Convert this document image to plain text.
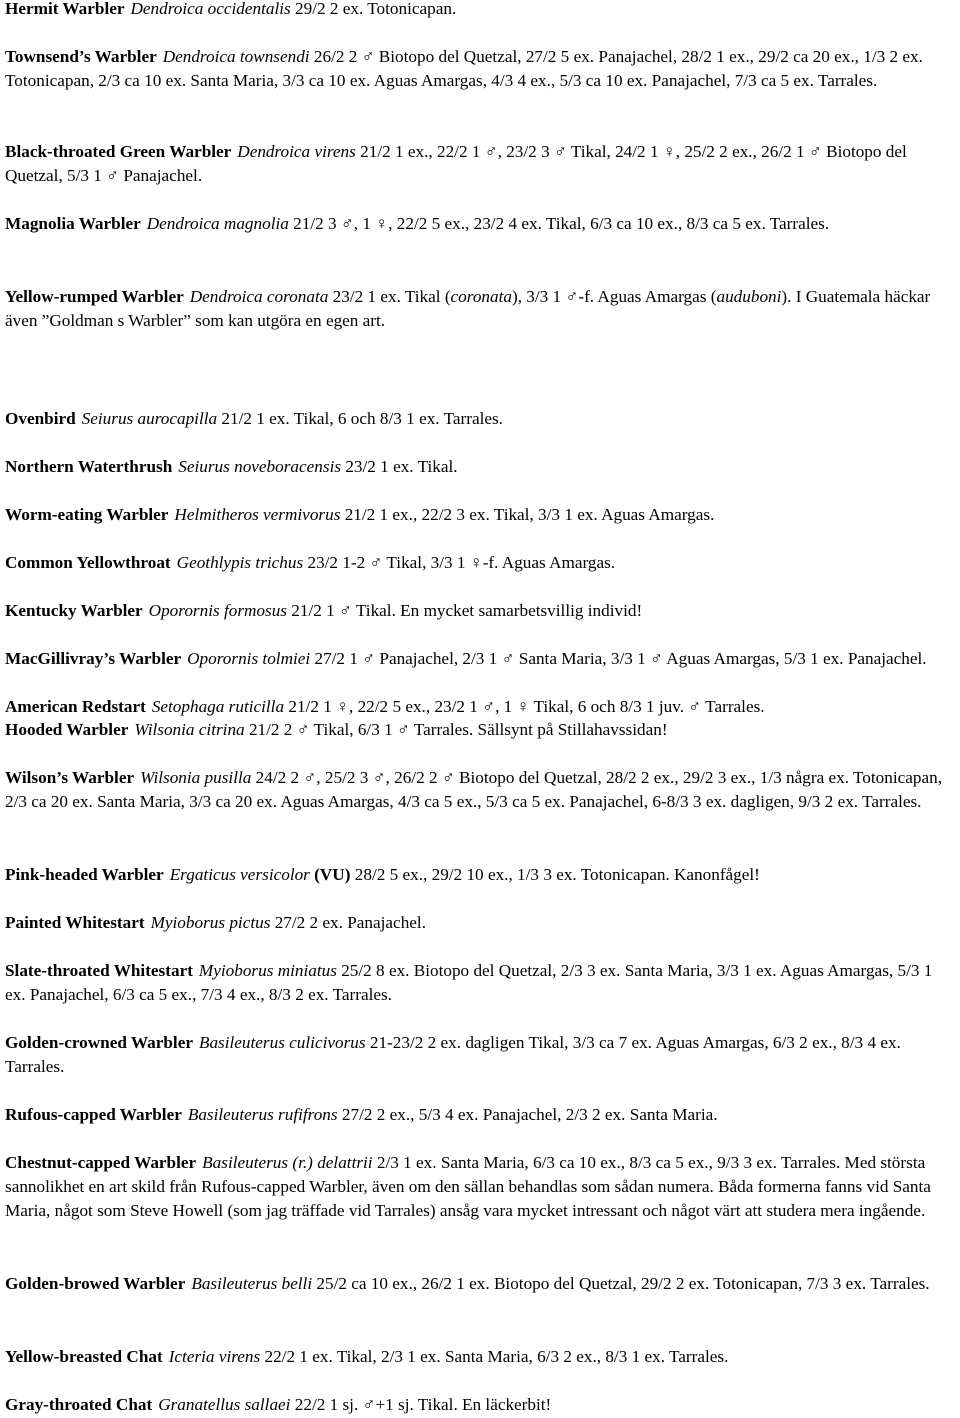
Hermit Warbler Dendroica occidentalis 29/2 2 ex. Totonicapan.

Townsend’s Warbler Dendroica townsendi 26/2 2 ♂ Biotopo del Quetzal, 27/2 5 ex. Panajachel, 28/2 1 ex., 29/2 ca 20 ex., 1/3 2 ex. Totonicapan, 2/3 ca 10 ex. Santa Maria, 3/3 ca 10 ex. Aguas Amargas, 4/3 4 ex., 5/3 ca 10 ex. Panajachel, 7/3 ca 5 ex. Tarrales.

Black-throated Green Warbler Dendroica virens 21/2 1 ex., 22/2 1 ♂, 23/2 3 ♂ Tikal, 24/2 1 ♀, 25/2 2 ex., 26/2 1 ♂ Biotopo del Quetzal, 5/3 1 ♂ Panajachel.

Magnolia Warbler Dendroica magnolia 21/2 3 ♂, 1 ♀, 22/2 5 ex., 23/2 4 ex. Tikal, 6/3 ca 10 ex., 8/3 ca 5 ex. Tarrales.

Yellow-rumped Warbler Dendroica coronata 23/2 1 ex. Tikal (coronata), 3/3 1 ♂-f. Aguas Amargas (auduboni). I Guatemala häckar även ”Goldman s Warbler” som kan utgöra en egen art.

American Redstart Setophaga ruticilla 21/2 1 ♀, 22/2 5 ex., 23/2 1 ♂, 1 ♀ Tikal, 6 och 8/3 1 juv. ♂ Tarrales.

Ovenbird Seiurus aurocapilla 21/2 1 ex. Tikal, 6 och 8/3 1 ex. Tarrales.

Northern Waterthrush Seiurus noveboracensis 23/2 1 ex. Tikal.

Worm-eating Warbler Helmitheros vermivorus 21/2 1 ex., 22/2 3 ex. Tikal, 3/3 1 ex. Aguas Amargas.

Common Yellowthroat Geothlypis trichus 23/2 1-2 ♂ Tikal, 3/3 1 ♀-f. Aguas Amargas.

Kentucky Warbler Oporornis formosus 21/2 1 ♂ Tikal. En mycket samarbetsvillig individ!

MacGillivray’s Warbler Oporornis tolmiei 27/2 1 ♂ Panajachel, 2/3 1 ♂ Santa Maria, 3/3 1 ♂ Aguas Amargas, 5/3 1 ex. Panajachel.

Hooded Warbler Wilsonia citrina 21/2 2 ♂ Tikal, 6/3 1 ♂ Tarrales. Sällsynt på Stillahavssidan!

Wilson’s Warbler Wilsonia pusilla 24/2 2 ♂, 25/2 3 ♂, 26/2 2 ♂ Biotopo del Quetzal, 28/2 2 ex., 29/2 3 ex., 1/3 några ex. Totonicapan, 2/3 ca 20 ex. Santa Maria, 3/3 ca 20 ex. Aguas Amargas, 4/3 ca 5 ex., 5/3 ca 5 ex. Panajachel, 6-8/3 3 ex. dagligen, 9/3 2 ex. Tarrales.

Pink-headed Warbler Ergaticus versicolor (VU) 28/2 5 ex., 29/2 10 ex., 1/3 3 ex. Totonicapan. Kanonfågel!

Painted Whitestart Myioborus pictus 27/2 2 ex. Panajachel.

Slate-throated Whitestart Myioborus miniatus 25/2 8 ex. Biotopo del Quetzal, 2/3 3 ex. Santa Maria, 3/3 1 ex. Aguas Amargas, 5/3 1 ex. Panajachel, 6/3 ca 5 ex., 7/3 4 ex., 8/3 2 ex. Tarrales.

Golden-crowned Warbler Basileuterus culicivorus 21-23/2 2 ex. dagligen Tikal, 3/3 ca 7 ex. Aguas Amargas, 6/3 2 ex., 8/3 4 ex. Tarrales.

Rufous-capped Warbler Basileuterus rufifrons 27/2 2 ex., 5/3 4 ex. Panajachel, 2/3 2 ex. Santa Maria.

Chestnut-capped Warbler Basileuterus (r.) delattrii 2/3 1 ex. Santa Maria, 6/3 ca 10 ex., 8/3 ca 5 ex., 9/3 3 ex. Tarrales. Med största sannolikhet en art skild från Rufous-capped Warbler, även om den sällan behandlas som sådan numera. Båda formerna fanns vid Santa Maria, något som Steve Howell (som jag träffade vid Tarrales) ansåg vara mycket intressant och något värt att studera mera ingående.

Golden-browed Warbler Basileuterus belli 25/2 ca 10 ex., 26/2 1 ex. Biotopo del Quetzal, 29/2 2 ex. Totonicapan, 7/3 3 ex. Tarrales.

Yellow-breasted Chat Icteria virens 22/2 1 ex. Tikal, 2/3 1 ex. Santa Maria, 6/3 2 ex., 8/3 1 ex. Tarrales.

Gray-throated Chat Granatellus sallaei 22/2 1 sj. ♂+1 sj. Tikal. En läckerbit!
